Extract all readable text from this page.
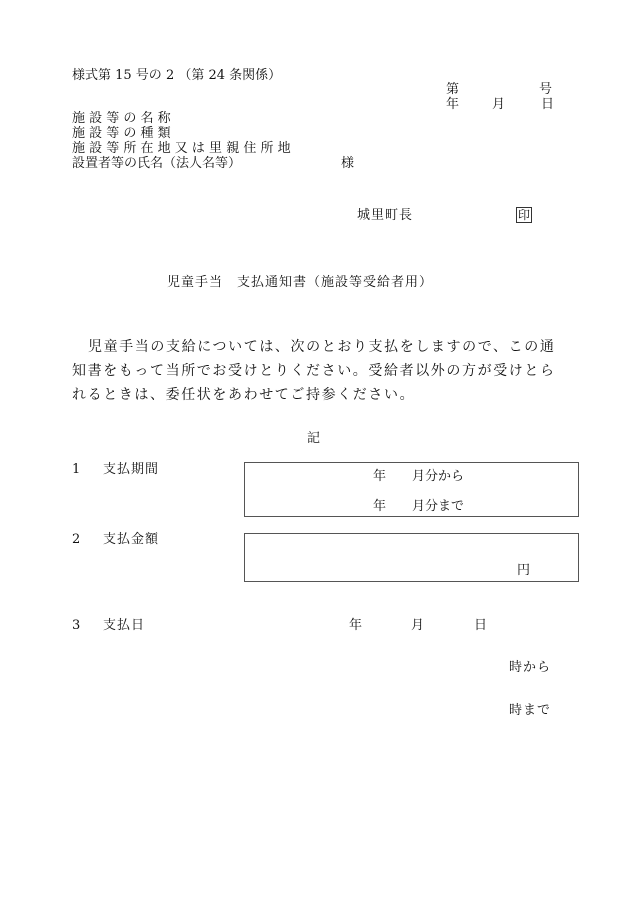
様式第 15 号の 2 （第 24 条関係）
第	号
年	月	日
施 設 等 の 名 称
施 設 等 の 種 類
施 設 等 所 在 地 又 は 里 親 住 所 地
設置者等の氏名（法人名等）	様
城里町長	印
児童手当　支払通知書（施設等受給者用）
児童手当の支給については、次のとおり支払をしますので、この通
知書をもって当所でお受けとりください。受給者以外の方が受けとら
れるときは、委任状をあわせてご持参ください。
記
1 支払期間	年　　月分から
年　　月分まで
2 支払金額
円
3 支払日	年	月	日
時から
時まで
